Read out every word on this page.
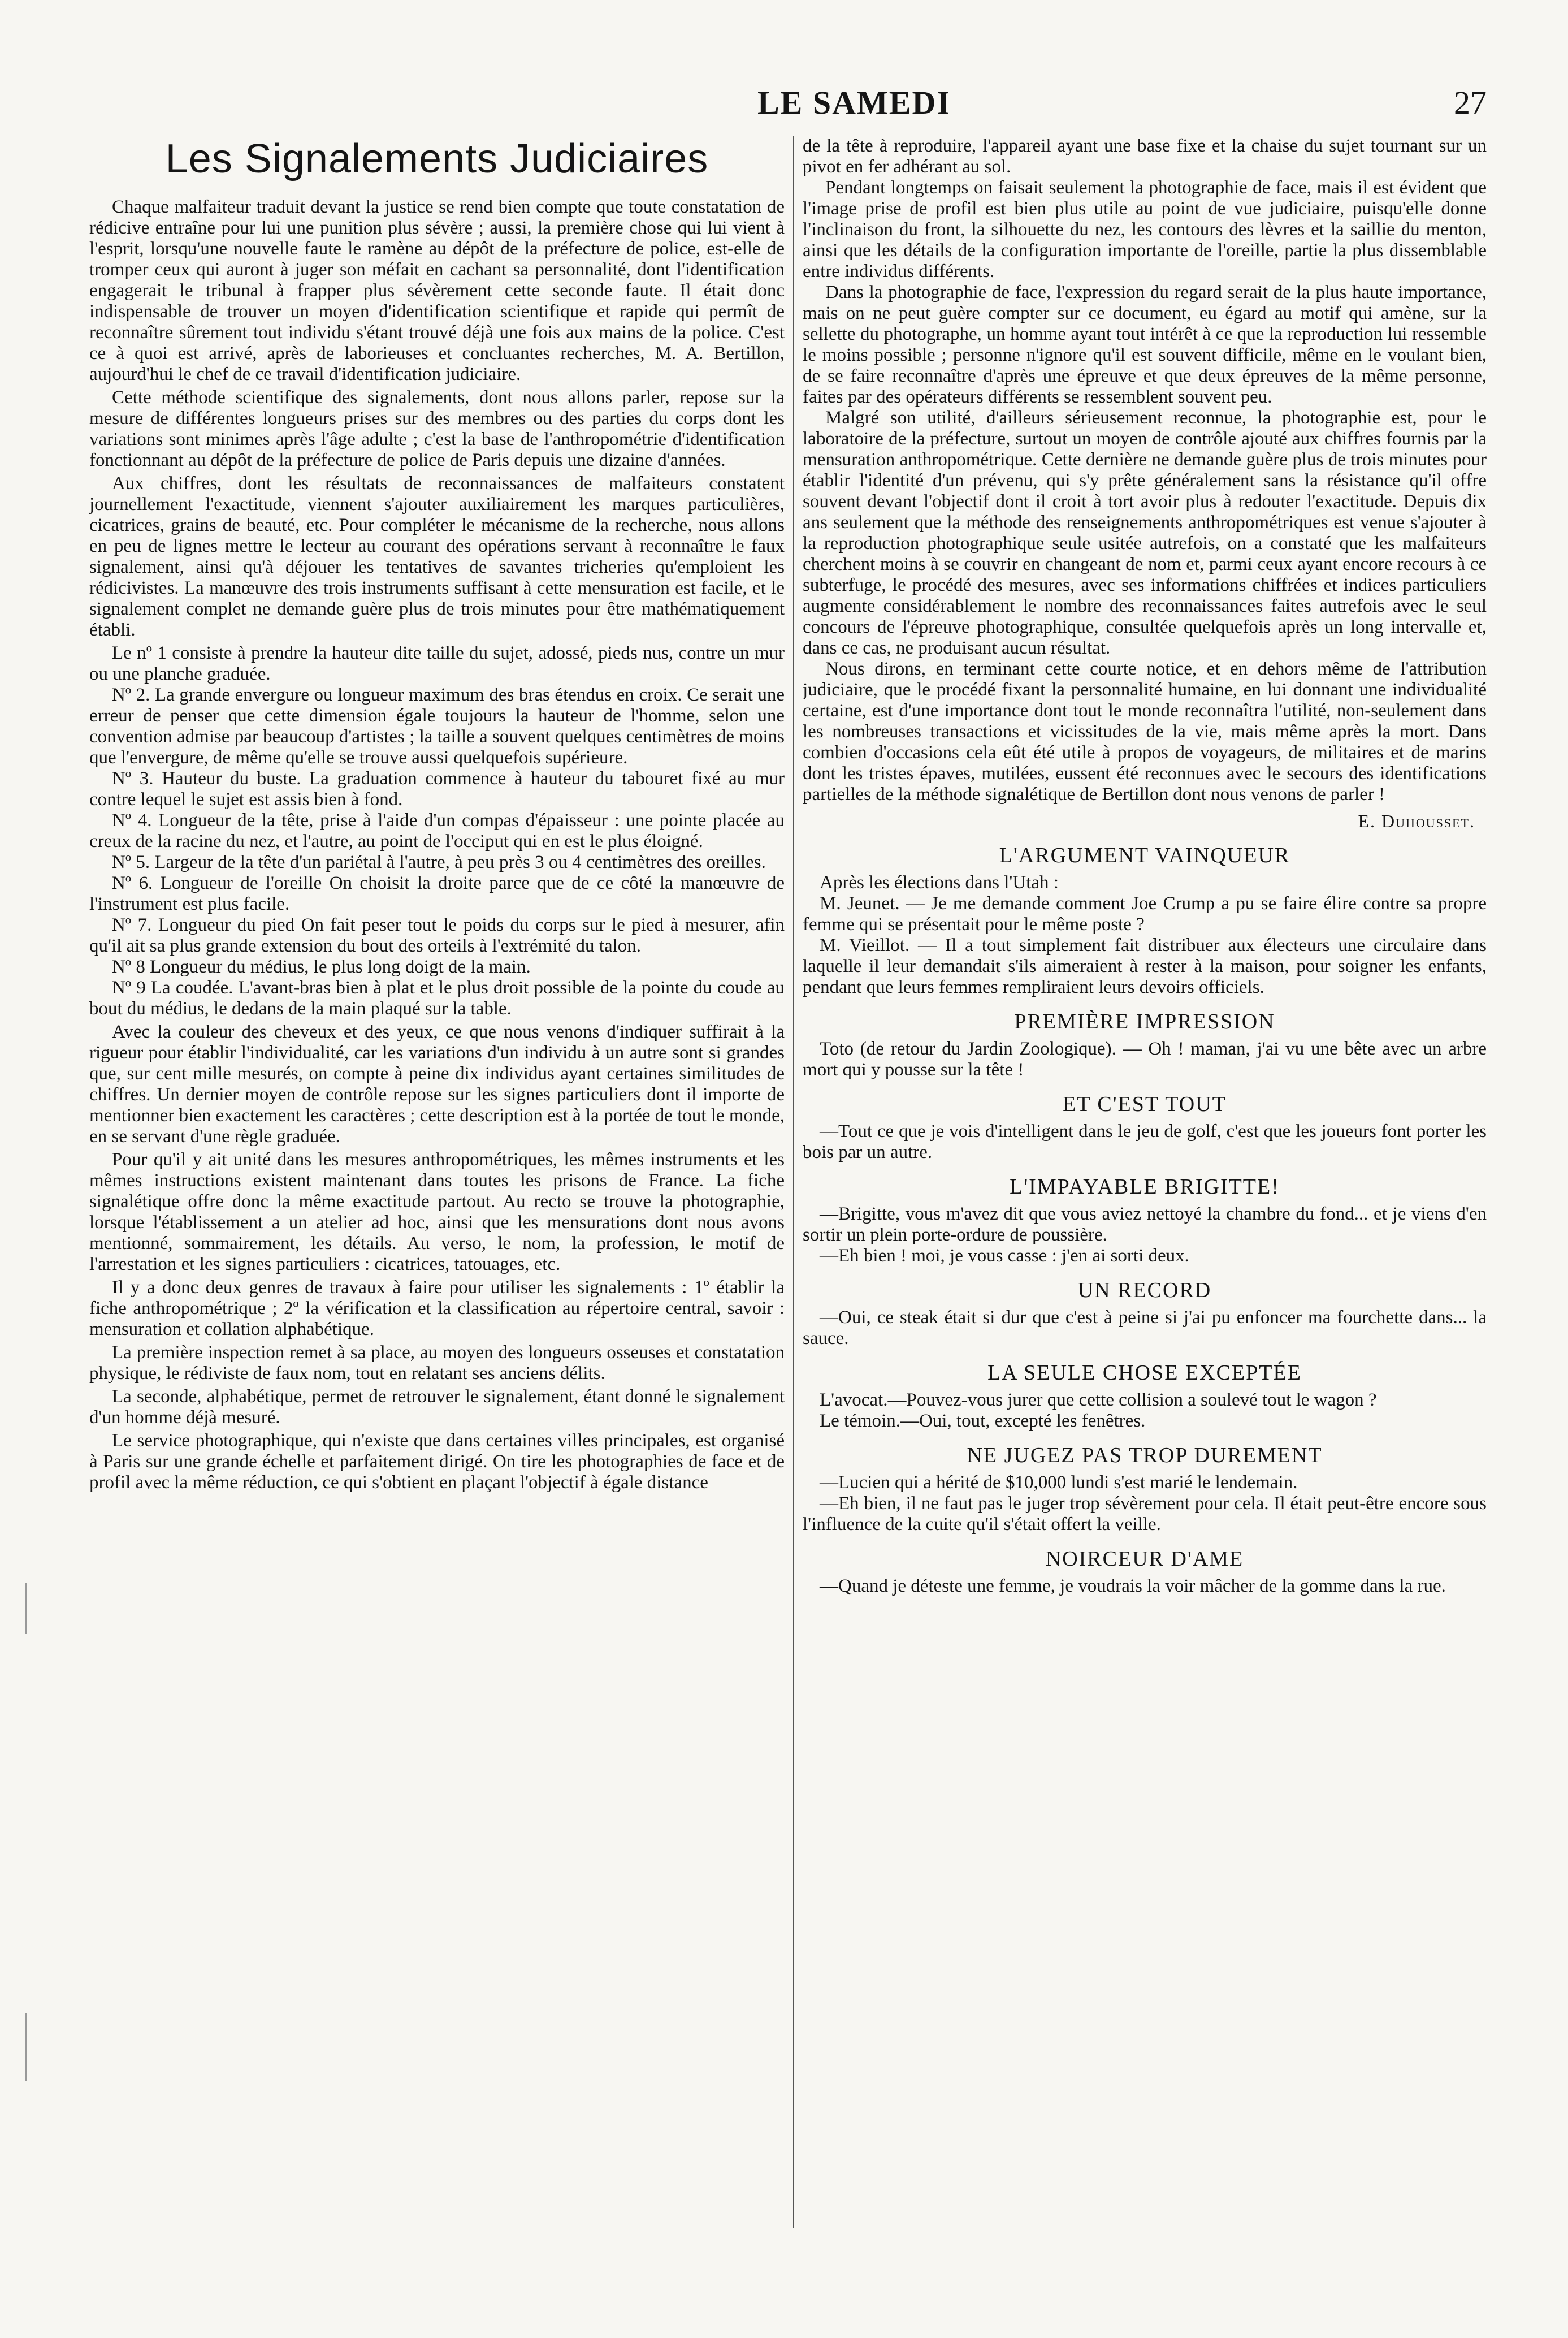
LE SAMEDI	27
Les Signalements Judiciaires

Chaque malfaiteur traduit devant la justice se rend bien compte que toute constatation de rédicive entraîne pour lui une punition plus sévère ; aussi, la première chose qui lui vient à l'esprit, lorsqu'une nouvelle faute le ramène au dépôt de la préfecture de police, est-elle de tromper ceux qui auront à juger son méfait en cachant sa personnalité, dont l'identification engagerait le tribunal à frapper plus sévèrement cette seconde faute. Il était donc indispensable de trouver un moyen d'identification scientifique et rapide qui permît de reconnaître sûrement tout individu s'étant trouvé déjà une fois aux mains de la police. C'est ce à quoi est arrivé, après de laborieuses et concluantes recherches, M. A. Bertillon, aujourd'hui le chef de ce travail d'identification judiciaire.

Cette méthode scientifique des signalements, dont nous allons parler, repose sur la mesure de différentes longueurs prises sur des membres ou des parties du corps dont les variations sont minimes après l'âge adulte ; c'est la base de l'anthropométrie d'identification fonctionnant au dépôt de la préfecture de police de Paris depuis une dizaine d'années.

Aux chiffres, dont les résultats de reconnaissances de malfaiteurs constatent journellement l'exactitude, viennent s'ajouter auxiliairement les marques particulières, cicatrices, grains de beauté, etc. Pour compléter le mécanisme de la recherche, nous allons en peu de lignes mettre le lecteur au courant des opérations servant à reconnaître le faux signalement, ainsi qu'à déjouer les tentatives de savantes tricheries qu'emploient les rédicivistes. La manœuvre des trois instruments suffisant à cette mensuration est facile, et le signalement complet ne demande guère plus de trois minutes pour être mathématiquement établi.

Le nº 1 consiste à prendre la hauteur dite taille du sujet, adossé, pieds nus, contre un mur ou une planche graduée.

Nº 2. La grande envergure ou longueur maximum des bras étendus en croix. Ce serait une erreur de penser que cette dimension égale toujours la hauteur de l'homme, selon une convention admise par beaucoup d'artistes ; la taille a souvent quelques centimètres de moins que l'envergure, de même qu'elle se trouve aussi quelquefois supérieure.

Nº 3. Hauteur du buste. La graduation commence à hauteur du tabouret fixé au mur contre lequel le sujet est assis bien à fond.

Nº 4. Longueur de la tête, prise à l'aide d'un compas d'épaisseur : une pointe placée au creux de la racine du nez, et l'autre, au point de l'occiput qui en est le plus éloigné.

Nº 5. Largeur de la tête d'un pariétal à l'autre, à peu près 3 ou 4 centimètres des oreilles.

Nº 6. Longueur de l'oreille On choisit la droite parce que de ce côté la manœuvre de l'instrument est plus facile.

Nº 7. Longueur du pied On fait peser tout le poids du corps sur le pied à mesurer, afin qu'il ait sa plus grande extension du bout des orteils à l'extrémité du talon.

Nº 8 Longueur du médius, le plus long doigt de la main.

Nº 9 La coudée. L'avant-bras bien à plat et le plus droit possible de la pointe du coude au bout du médius, le dedans de la main plaqué sur la table.

Avec la couleur des cheveux et des yeux, ce que nous venons d'indiquer suffirait à la rigueur pour établir l'individualité, car les variations d'un individu à un autre sont si grandes que, sur cent mille mesurés, on compte à peine dix individus ayant certaines similitudes de chiffres. Un dernier moyen de contrôle repose sur les signes particuliers dont il importe de mentionner bien exactement les caractères ; cette description est à la portée de tout le monde, en se servant d'une règle graduée.

Pour qu'il y ait unité dans les mesures anthropométriques, les mêmes instruments et les mêmes instructions existent maintenant dans toutes les prisons de France. La fiche signalétique offre donc la même exactitude partout. Au recto se trouve la photographie, lorsque l'établissement a un atelier ad hoc, ainsi que les mensurations dont nous avons mentionné, sommairement, les détails. Au verso, le nom, la profession, le motif de l'arrestation et les signes particuliers : cicatrices, tatouages, etc.

Il y a donc deux genres de travaux à faire pour utiliser les signalements : 1º établir la fiche anthropométrique ; 2º la vérification et la classification au répertoire central, savoir : mensuration et collation alphabétique.

La première inspection remet à sa place, au moyen des longueurs osseuses et constatation physique, le rédiviste de faux nom, tout en relatant ses anciens délits.

La seconde, alphabétique, permet de retrouver le signalement, étant donné le signalement d'un homme déjà mesuré.

Le service photographique, qui n'existe que dans certaines villes principales, est organisé à Paris sur une grande échelle et parfaitement dirigé. On tire les photographies de face et de profil avec la même réduction, ce qui s'obtient en plaçant l'objectif à égale distance

de la tête à reproduire, l'appareil ayant une base fixe et la chaise du sujet tournant sur un pivot en fer adhérant au sol.

Pendant longtemps on faisait seulement la photographie de face, mais il est évident que l'image prise de profil est bien plus utile au point de vue judiciaire, puisqu'elle donne l'inclinaison du front, la silhouette du nez, les contours des lèvres et la saillie du menton, ainsi que les détails de la configuration importante de l'oreille, partie la plus dissemblable entre individus différents.

Dans la photographie de face, l'expression du regard serait de la plus haute importance, mais on ne peut guère compter sur ce document, eu égard au motif qui amène, sur la sellette du photographe, un homme ayant tout intérêt à ce que la reproduction lui ressemble le moins possible ; personne n'ignore qu'il est souvent difficile, même en le voulant bien, de se faire reconnaître d'après une épreuve et que deux épreuves de la même personne, faites par des opérateurs différents se ressemblent souvent peu.

Malgré son utilité, d'ailleurs sérieusement reconnue, la photographie est, pour le laboratoire de la préfecture, surtout un moyen de contrôle ajouté aux chiffres fournis par la mensuration anthropométrique. Cette dernière ne demande guère plus de trois minutes pour établir l'identité d'un prévenu, qui s'y prête généralement sans la résistance qu'il offre souvent devant l'objectif dont il croit à tort avoir plus à redouter l'exactitude. Depuis dix ans seulement que la méthode des renseignements anthropométriques est venue s'ajouter à la reproduction photographique seule usitée autrefois, on a constaté que les malfaiteurs cherchent moins à se couvrir en changeant de nom et, parmi ceux ayant encore recours à ce subterfuge, le procédé des mesures, avec ses informations chiffrées et indices particuliers augmente considérablement le nombre des reconnaissances faites autrefois avec le seul concours de l'épreuve photographique, consultée quelquefois après un long intervalle et, dans ce cas, ne produisant aucun résultat.

Nous dirons, en terminant cette courte notice, et en dehors même de l'attribution judiciaire, que le procédé fixant la personnalité humaine, en lui donnant une individualité certaine, est d'une importance dont tout le monde reconnaîtra l'utilité, non-seulement dans les nombreuses transactions et vicissitudes de la vie, mais même après la mort. Dans combien d'occasions cela eût été utile à propos de voyageurs, de militaires et de marins dont les tristes épaves, mutilées, eussent été reconnues avec le secours des identifications partielles de la méthode signalétique de Bertillon dont nous venons de parler !

E. Duhousset.
L'ARGUMENT VAINQUEUR

Après les élections dans l'Utah :

M. Jeunet. — Je me demande comment Joe Crump a pu se faire élire contre sa propre femme qui se présentait pour le même poste ?

M. Vieillot. — Il a tout simplement fait distribuer aux électeurs une circulaire dans laquelle il leur demandait s'ils aimeraient à rester à la maison, pour soigner les enfants, pendant que leurs femmes rempliraient leurs devoirs officiels.

PREMIÈRE IMPRESSION

Toto (de retour du Jardin Zoologique). — Oh ! maman, j'ai vu une bête avec un arbre mort qui y pousse sur la tête !

ET C'EST TOUT

—Tout ce que je vois d'intelligent dans le jeu de golf, c'est que les joueurs font porter les bois par un autre.

L'IMPAYABLE BRIGITTE!

—Brigitte, vous m'avez dit que vous aviez nettoyé la chambre du fond... et je viens d'en sortir un plein porte-ordure de poussière.

—Eh bien ! moi, je vous casse : j'en ai sorti deux.

UN RECORD

—Oui, ce steak était si dur que c'est à peine si j'ai pu enfoncer ma fourchette dans... la sauce.

LA SEULE CHOSE EXCEPTÉE

L'avocat.—Pouvez-vous jurer que cette collision a soulevé tout le wagon ?

Le témoin.—Oui, tout, excepté les fenêtres.

NE JUGEZ PAS TROP DUREMENT

—Lucien qui a hérité de $10,000 lundi s'est marié le lendemain.

—Eh bien, il ne faut pas le juger trop sévèrement pour cela. Il était peut-être encore sous l'influence de la cuite qu'il s'était offert la veille.

NOIRCEUR D'AME

—Quand je déteste une femme, je voudrais la voir mâcher de la gomme dans la rue.
